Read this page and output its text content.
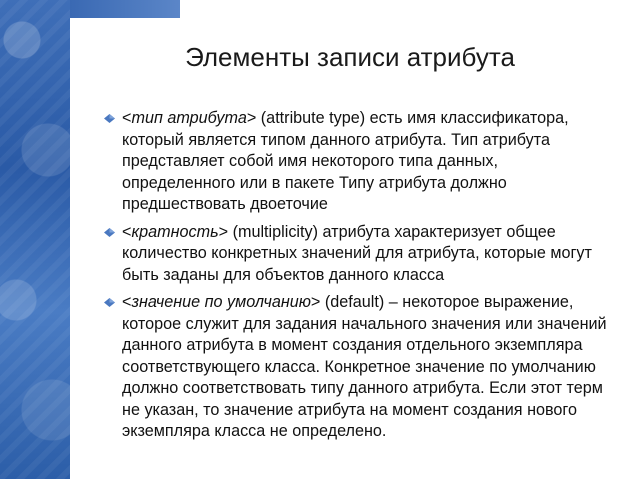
Элементы записи атрибута
<тип атрибута> (attribute type) есть имя классификатора, который является типом данного атрибута. Тип атрибута представляет собой имя некоторого типа данных, определенного или в пакете Типу атрибута должно предшествовать двоеточие
<кратность> (multiplicity) атрибута характеризует общее количество конкретных значений для атрибута, которые могут быть заданы для объектов данного класса
<значение по умолчанию> (default) – некоторое выражение, которое служит для задания начального значения или значений данного атрибута в момент создания отдельного экземпляра соответствующего класса. Конкретное значение по умолчанию должно соответствовать типу данного атрибута. Если этот терм не указан, то значение атрибута на момент создания нового экземпляра класса не определено.
